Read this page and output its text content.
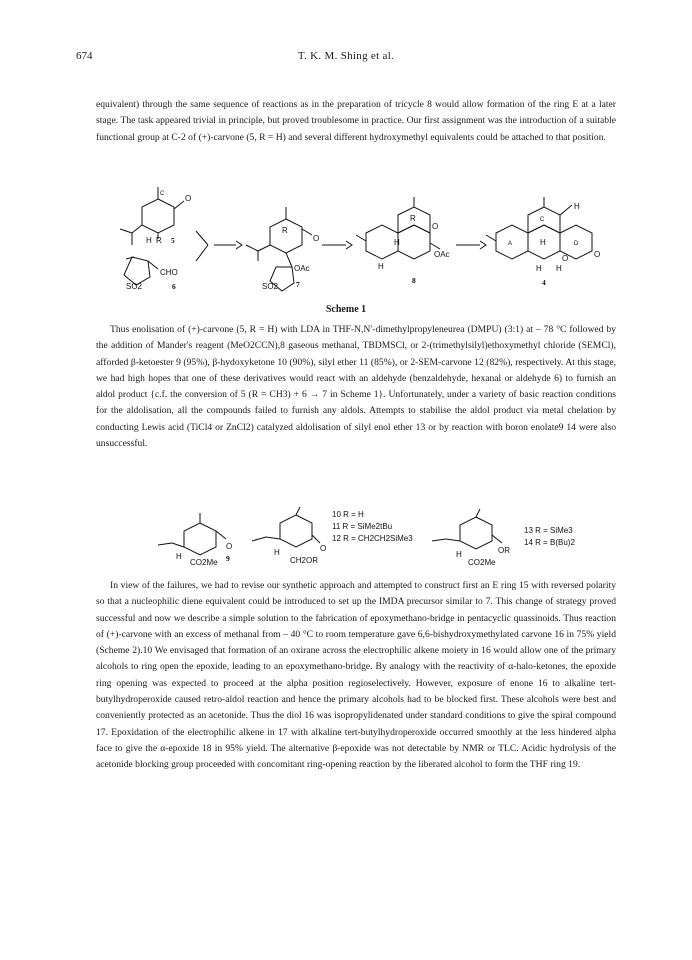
674	T. K. M. Shing et al.

equivalent) through the same sequence of reactions as in the preparation of tricycle 8 would allow formation of the ring E at a later stage. The task appeared trivial in principle, but proved troublesome in practice. Our first assignment was the introduction of a suitable functional group at C-2 of (+)-carvone (5, R = H) and several different hydroxymethyl equivalents could be attached to that position.

O
H R 5
C
CHO
SO2	6
R
O
OAc
SO2 7
R
H
H
OAc
O
8
H
C
A	D
H
O	O
H H
4
Scheme 1

Thus enolisation of (+)-carvone (5, R = H) with LDA in THF-N,N′-dimethylpropyleneurea (DMPU) (3:1) at – 78 °C followed by the addition of Mander's reagent (MeO2CCN),8 gaseous methanal, TBDMSCl, or 2-(trimethylsilyl)ethoxymethyl chloride (SEMCl), afforded β-ketoester 9 (95%), β-hydoxyketone 10 (90%), silyl ether 11 (85%), or 2-SEM-carvone 12 (82%), respectively. At this stage, we had high hopes that one of these derivatives would react with an aldehyde (benzaldehyde, hexanal or aldehyde 6) to furnish an aldol product {c.f. the conversion of 5 (R = CH3) + 6 → 7 in Scheme 1}. Unfortunately, under a variety of basic reaction conditions for the aldolisation, all the compounds failed to furnish any aldols. Attempts to stabilise the aldol product via metal chelation by conducting Lewis acid (TiCl4 or ZnCl2) catalyzed aldolisation of silyl enol ether 13 or by reaction with boron enolate9 14 were also unsuccessful.

O
H
CO2Me 9
O
H
CH2OR
10 R = H
11 R = SiMe2tBu
12 R = CH2CH2SiMe3
OR
H
CO2Me
13 R = SiMe3
14 R = B(Bu)2

In view of the failures, we had to revise our synthetic approach and attempted to construct first an E ring 15 with reversed polarity so that a nucleophilic diene equivalent could be introduced to set up the IMDA precursor similar to 7. This change of strategy proved successful and now we describe a simple solution to the fabrication of epoxymethano-bridge in pentacyclic quassinoids. Thus reaction of (+)-carvone with an excess of methanal from – 40 °C to room temperature gave 6,6-bishydroxymethylated carvone 16 in 75% yield (Scheme 2).10 We envisaged that formation of an oxirane across the electrophilic alkene moiety in 16 would allow one of the primary alcohols to ring open the epoxide, leading to an epoxymethano-bridge. By analogy with the reactivity of α-halo-ketones, the epoxide ring opening was expected to proceed at the alpha position regioselectively. However, exposure of enone 16 to alkaline tert-butylhydroperoxide caused retro-aldol reaction and hence the primary alcohols had to be blocked first. These alcohols were best and conveniently protected as an acetonide. Thus the diol 16 was isopropylidenated under standard conditions to give the spiral compound 17. Epoxidation of the electrophilic alkene in 17 with alkaline tert-butylhydroperoxide occurred smoothly at the less hindered alpha face to give the α-epoxide 18 in 95% yield. The alternative β-epoxide was not detectable by NMR or TLC. Acidic hydrolysis of the acetonide blocking group proceeded with concomitant ring-opening reaction by the liberated alcohol to form the THF ring 19.
